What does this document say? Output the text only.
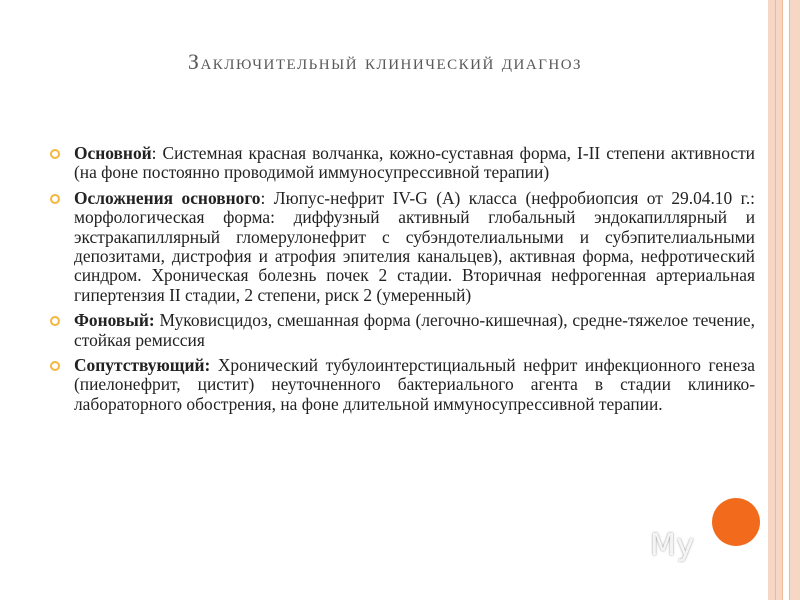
Заключительный клинический диагноз
Основной: Системная красная волчанка, кожно-суставная форма, I-II степени активности (на фоне постоянно проводимой иммуносупрессивной терапии)
Осложнения основного: Люпус-нефрит IV-G (A) класса (нефробиопсия от 29.04.10 г.: морфологическая форма: диффузный активный глобальный эндокапиллярный и экстракапиллярный гломерулонефрит с субэндотелиальными и субэпителиальными депозитами, дистрофия и атрофия эпителия канальцев), активная форма, нефротический синдром. Хроническая болезнь почек 2 стадии. Вторичная нефрогенная артериальная гипертензия II стадии, 2 степени, риск 2 (умеренный)
Фоновый: Муковисцидоз, смешанная форма (легочно-кишечная), средне-тяжелое течение, стойкая ремиссия
Сопутствующий: Хронический тубулоинтерстициальный нефрит инфекционного генеза (пиелонефрит, цистит) неуточненного бактериального агента в стадии клинико-лабораторного обострения, на фоне длительной иммуносупрессивной терапии.
My
